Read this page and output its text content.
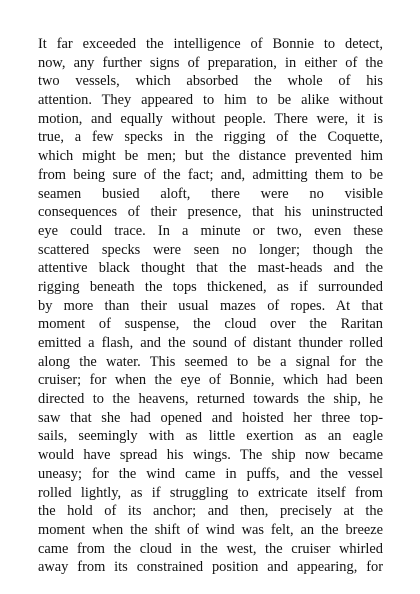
It far exceeded the intelligence of Bonnie to detect,
now, any further signs of preparation, in either of the
two vessels, which absorbed the whole of his
attention. They appeared to him to be alike without
motion, and equally without people. There were, it is
true, a few specks in the rigging of the Coquette,
which might be men; but the distance prevented him
from being sure of the fact; and, admitting them to be
seamen busied aloft, there were no visible
consequences of their presence, that his uninstructed
eye could trace. In a minute or two, even these
scattered specks were seen no longer; though the
attentive black thought that the mast-heads and the
rigging beneath the tops thickened, as if surrounded
by more than their usual mazes of ropes. At that
moment of suspense, the cloud over the Raritan
emitted a flash, and the sound of distant thunder rolled
along the water. This seemed to be a signal for the
cruiser; for when the eye of Bonnie, which had been
directed to the heavens, returned towards the ship, he
saw that she had opened and hoisted her three top-
sails, seemingly with as little exertion as an eagle
would have spread his wings. The ship now became
uneasy; for the wind came in puffs, and the vessel
rolled lightly, as if struggling to extricate itself from
the hold of its anchor; and then, precisely at the
moment when the shift of wind was felt, an the breeze
came from the cloud in the west, the cruiser whirled
away from its constrained position and appearing, for
